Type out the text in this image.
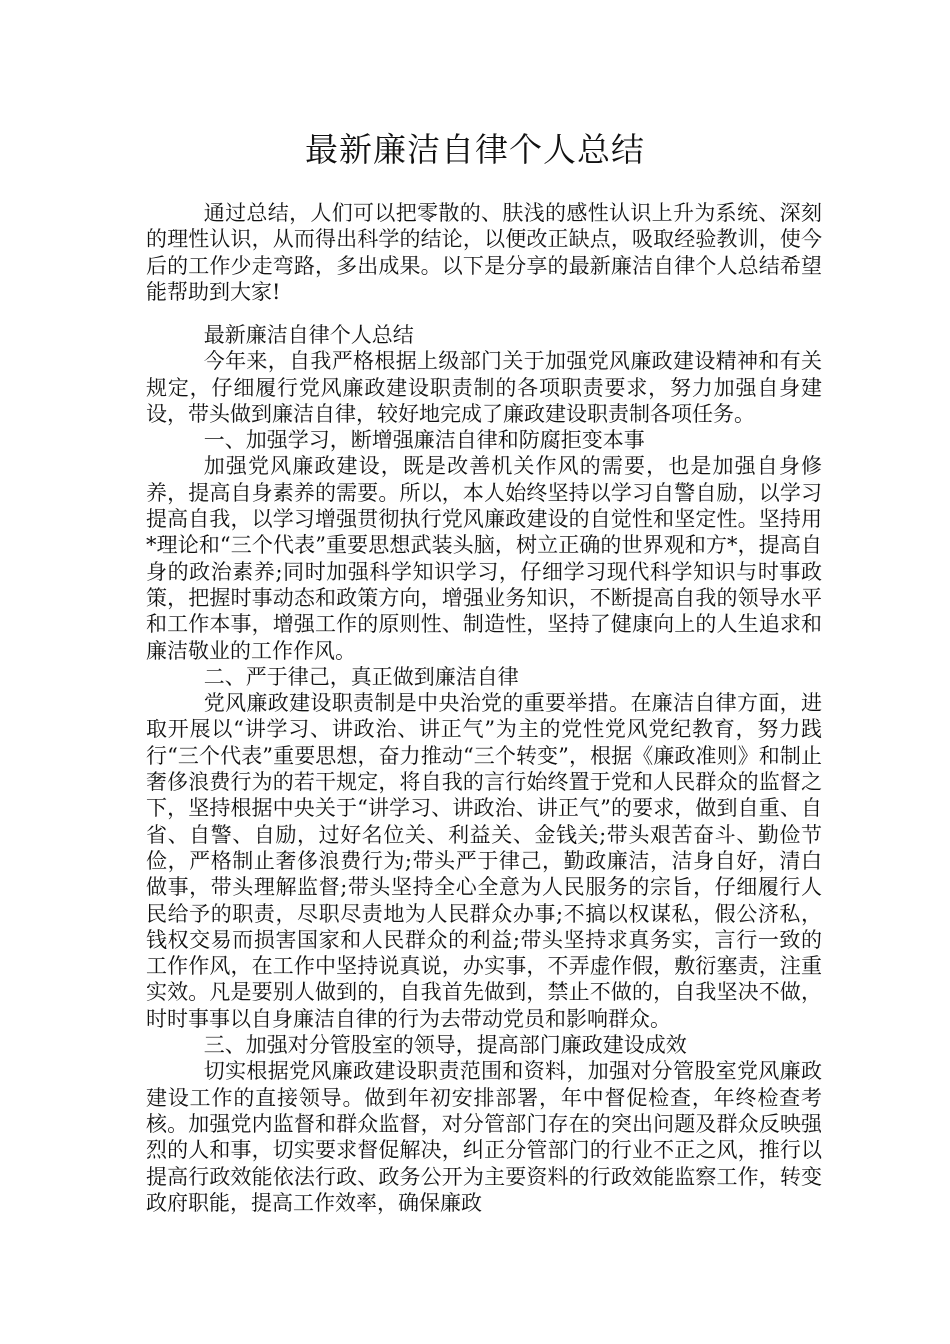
最新廉洁自律个人总结

通过总结，人们可以把零散的、肤浅的感性认识上升为系统、深刻的理性认识，从而得出科学的结论，以便改正缺点，吸取经验教训，使今后的工作少走弯路，多出成果。以下是分享的最新廉洁自律个人总结希望能帮助到大家!

最新廉洁自律个人总结

今年来，自我严格根据上级部门关于加强党风廉政建设精神和有关规定，仔细履行党风廉政建设职责制的各项职责要求，努力加强自身建设，带头做到廉洁自律，较好地完成了廉政建设职责制各项任务。

一、加强学习，断增强廉洁自律和防腐拒变本事

加强党风廉政建设，既是改善机关作风的需要，也是加强自身修养，提高自身素养的需要。所以，本人始终坚持以学习自警自励，以学习提高自我，以学习增强贯彻执行党风廉政建设的自觉性和坚定性。坚持用*理论和“三个代表”重要思想武装头脑，树立正确的世界观和方*，提高自身的政治素养;同时加强科学知识学习，仔细学习现代科学知识与时事政策，把握时事动态和政策方向，增强业务知识，不断提高自我的领导水平和工作本事，增强工作的原则性、制造性，坚持了健康向上的人生追求和廉洁敬业的工作作风。

二、严于律己，真正做到廉洁自律

党风廉政建设职责制是中央治党的重要举措。在廉洁自律方面，进取开展以“讲学习、讲政治、讲正气”为主的党性党风党纪教育，努力践行“三个代表”重要思想，奋力推动“三个转变”，根据《廉政准则》和制止奢侈浪费行为的若干规定，将自我的言行始终置于党和人民群众的监督之下，坚持根据中央关于“讲学习、讲政治、讲正气”的要求，做到自重、自省、自警、自励，过好名位关、利益关、金钱关;带头艰苦奋斗、勤俭节俭，严格制止奢侈浪费行为;带头严于律己，勤政廉洁，洁身自好，清白做事，带头理解监督;带头坚持全心全意为人民服务的宗旨，仔细履行人民给予的职责，尽职尽责地为人民群众办事;不搞以权谋私，假公济私，钱权交易而损害国家和人民群众的利益;带头坚持求真务实，言行一致的工作作风，在工作中坚持说真说，办实事，不弄虚作假，敷衍塞责，注重实效。凡是要别人做到的，自我首先做到，禁止不做的，自我坚决不做，时时事事以自身廉洁自律的行为去带动党员和影响群众。

三、加强对分管股室的领导，提高部门廉政建设成效

切实根据党风廉政建设职责范围和资料，加强对分管股室党风廉政建设工作的直接领导。做到年初安排部署，年中督促检查，年终检查考核。加强党内监督和群众监督，对分管部门存在的突出问题及群众反映强烈的人和事，切实要求督促解决，纠正分管部门的行业不正之风，推行以提高行政效能依法行政、政务公开为主要资料的行政效能监察工作，转变政府职能，提高工作效率，确保廉政
